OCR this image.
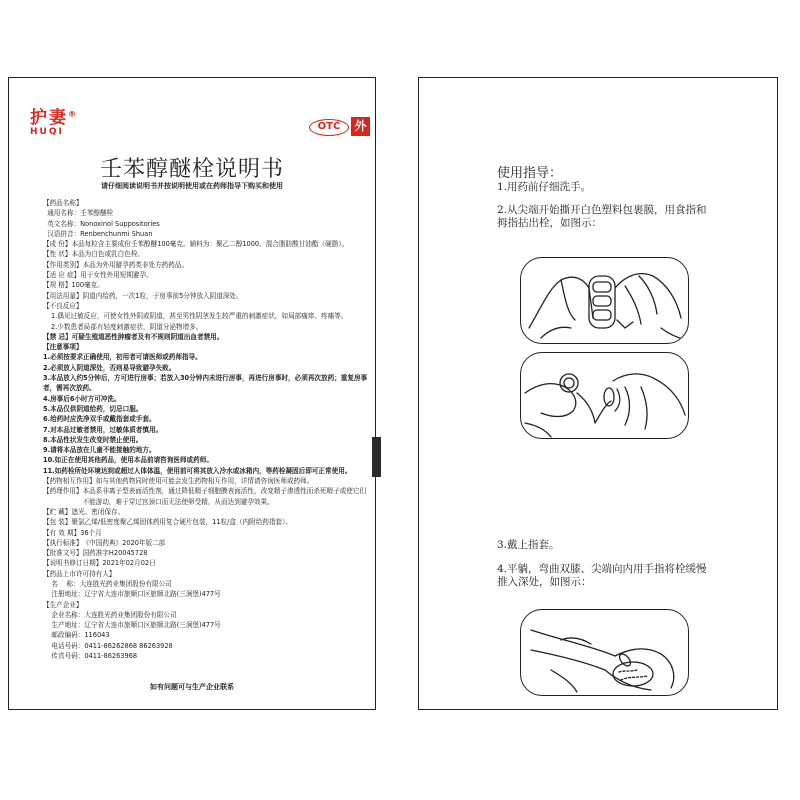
护妻®
HUQI	OTC	外
壬苯醇醚栓说明书
请仔细阅读说明书并按说明使用或在药师指导下购买和使用
【药品名称】
通用名称： 壬苯醇醚栓
英文名称： Nonoxinol Suppositories
汉语拼音： Renbenchunmi Shuan
【成 份】 本品每粒含主要成份壬苯醇醚100毫克。辅料为：聚乙二醇1000、混合脂肪酸甘油酯（硬脂）。
【性 状】 本品为白色或乳白色栓。
【作用类别】 本品为外用避孕药类非处方药药品。
【适 应 症】 用于女性外用短期避孕。
【规 格】 100毫克。
【用法用量】 阴道内给药，一次1粒，于房事前5分钟放入阴道深处。
【不良反应】
1.偶见过敏反应，可使女性外阴或阴道，甚至男性阴茎发生较严重的刺激症状，如局部瘙痒、疼痛等。
2.少数患者局部有轻度刺激症状，阴道分泌物增多。
【禁 忌】 可疑生殖道恶性肿瘤者及有不规则阴道出血者禁用。
【注意事项】
1.必须按要求正确使用，初用者可请医师或药师指导。
2.必须放入阴道深处，否则易导致避孕失败。
3.本品放入约5分钟后，方可进行房事；若放入30分钟内未进行房事，再进行房事时，必须再次放药；重复房事者，需再次放药。
4.房事后6小时方可冲洗。
5.本品仅供阴道给药，切忌口服。
6.给药时应洗净双手或戴指套或手套。
7.对本品过敏者禁用，过敏体质者慎用。
8.本品性状发生改变时禁止使用。
9.请将本品放在儿童不能接触的地方。
10.如正在使用其他药品，使用本品前请咨询医师或药师。
11.如药栓所处环境达到或超过人体体温，使用前可将其放入冷水或冰箱内，等药栓凝固后即可正常使用。
【药物相互作用】 如与其他药物同时使用可能会发生药物相互作用，详情请咨询医师或药师。
【药理作用】 本品系非离子型表面活性剂，通过降低精子细胞膜表面活性，改变精子渗透性而杀死精子或使它们不能游动，难于穿过宫颈口而无法使卵受精，从而达到避孕效果。
【贮 藏】 遮光、密闭保存。
【包 装】 聚氯乙烯/低密度聚乙烯固体药用复合硬片包装，11粒/盒（内附给药指套）。
【有 效 期】 36个月
【执行标准】 《中国药典》2020年版二部
【批准文号】 国药准字H20045728
【说明书修订日期】 2021年02月02日
【药品上市许可持有人】
名    称： 大连胜光药业集团股份有限公司
注册地址： 辽宁省大连市旅顺口区旅顺北路(三涧堡)477号
【生产企业】
企业名称： 大连胜光药业集团股份有限公司
生产地址： 辽宁省大连市旅顺口区旅顺北路(三涧堡)477号
邮政编码： 116043
电话号码： 0411-86262868 86263928
传真号码： 0411-86263968
如有问题可与生产企业联系
使用指导：
1.用药前仔细洗手。
2.从尖端开始撕开白色塑料包裹膜，用食指和拇指拈出栓，如图示：
3.戴上指套。
4.平躺，弯曲双膝、尖端向内用手指将栓缓慢推入深处，如图示：
